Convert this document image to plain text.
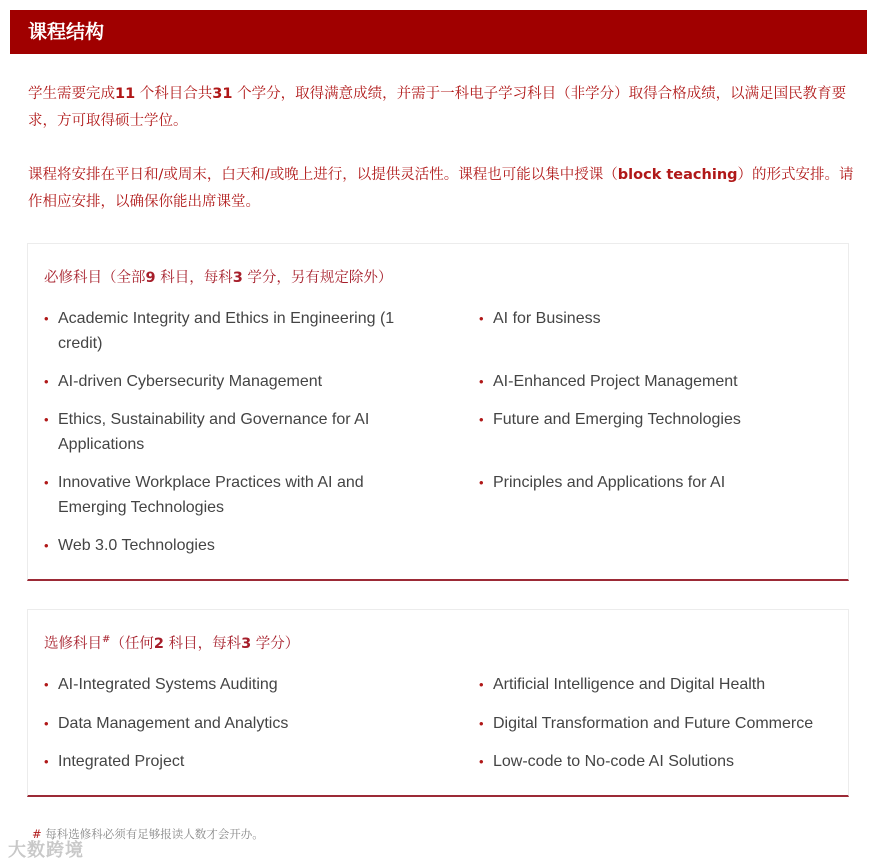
课程结构

学生需要完成11 个科目合共31 个学分，取得满意成绩，并需于一科电子学习科目（非学分）取得合格成绩，以满足国民教育要求，方可取得硕士学位。

课程将安排在平日和/或周末，白天和/或晚上进行，以提供灵活性。课程也可能以集中授课（block teaching）的形式安排。请作相应安排，以确保你能出席课堂。

必修科目（全部9 科目，每科3 学分，另有规定除外）
• Academic Integrity and Ethics in Engineering (1 credit)
• AI for Business
• AI-driven Cybersecurity Management	• AI-Enhanced Project Management
• Ethics, Sustainability and Governance for AI Applications
• Future and Emerging Technologies
• Innovative Workplace Practices with AI and Emerging Technologies
• Principles and Applications for AI
• Web 3.0 Technologies
选修科目#（任何2 科目，每科3 学分）
• AI-Integrated Systems Auditing	• Artificial Intelligence and Digital Health
• Data Management and Analytics	• Digital Transformation and Future Commerce
• Integrated Project	• Low-code to No-code AI Solutions
# 每科选修科必须有足够报读人数才会开办。
大数跨境
